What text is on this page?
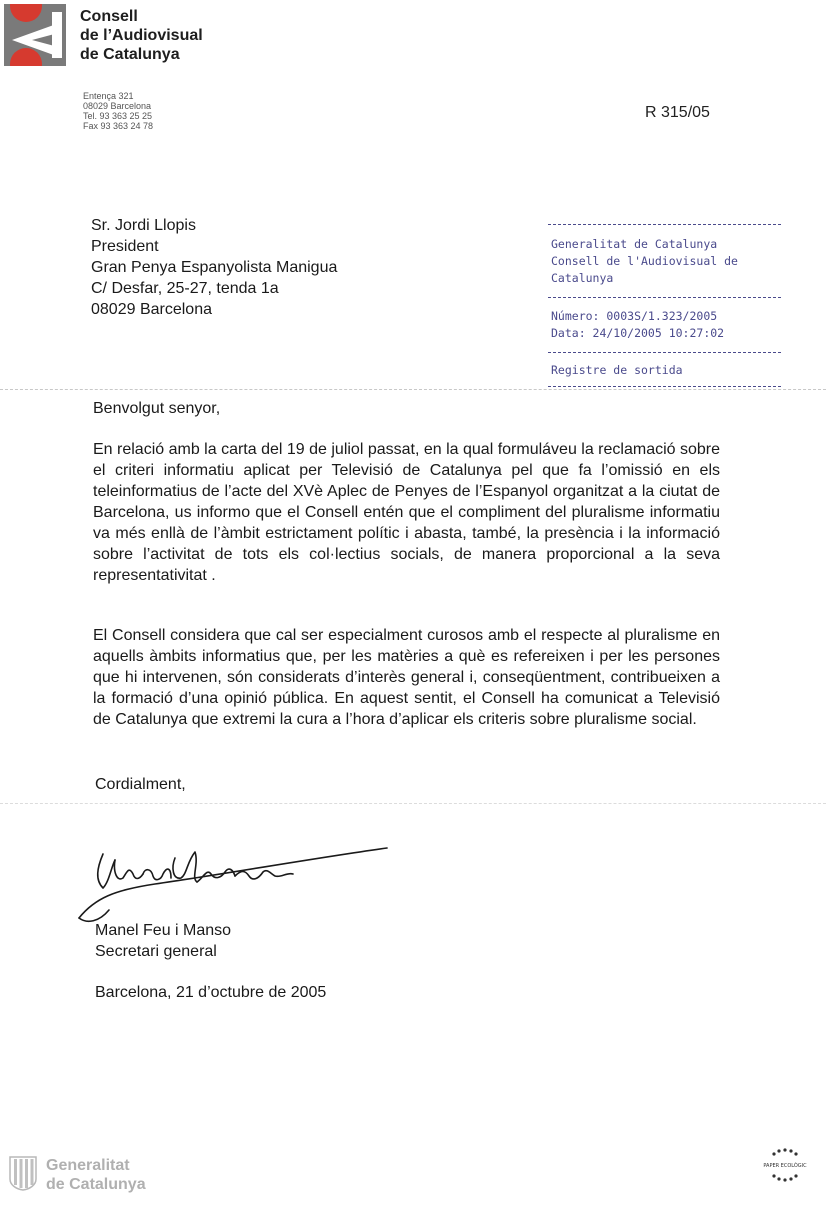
Consell
de l’Audiovisual
de Catalunya
Entença 321
08029 Barcelona
Tel. 93 363 25 25
Fax 93 363 24 78
R 315/05
Sr. Jordi Llopis
President
Gran Penya Espanyolista Manigua
C/ Desfar, 25-27, tenda 1a
08029 Barcelona
Generalitat de Catalunya
Consell de l'Audiovisual de
Catalunya
Número: 0003S/1.323/2005
Data: 24/10/2005 10:27:02
Registre de sortida
Benvolgut senyor,
En relació amb la carta del 19 de juliol passat, en la qual formuláveu la reclamació sobre el criteri informatiu aplicat per Televisió de Catalunya pel que fa l’omissió en els teleinformatius de l’acte del XVè Aplec de Penyes de l’Espanyol organitzat a la ciutat de Barcelona, us informo que el Consell entén que el compliment del pluralisme informatiu va més enllà de l’àmbit estrictament polític i abasta, també, la presència i la informació sobre l’activitat de tots els col·lectius socials, de manera proporcional a la seva representativitat .
El Consell considera que cal ser especialment curosos amb el respecte al pluralisme en aquells àmbits informatius que, per les matèries a què es refereixen i per les persones que hi intervenen, són considerats d’interès general i, conseqüentment, contribueixen a la formació d’una opinió pública. En aquest sentit, el Consell ha comunicat a Televisió de Catalunya que extremi la cura a l’hora d’aplicar els criteris sobre pluralisme social.
Cordialment,
Manel Feu i Manso
Secretari general
Barcelona, 21 d’octubre de 2005
Generalitat
de Catalunya
PAPER ECOLÒGIC
